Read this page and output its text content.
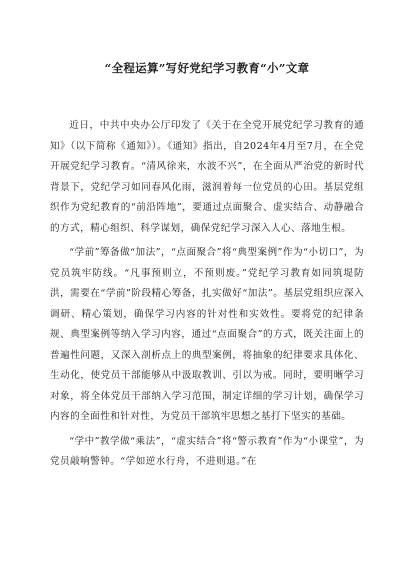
“全程运算”写好党纪学习教育“小”文章

近日，中共中央办公厅印发了《关于在全党开展党纪学习教育的通知》（以下简称《通知》）。《通知》指出，自2024年4月至7月，在全党开展党纪学习教育。“清风徐来，水波不兴”，在全面从严治党的新时代背景下，党纪学习如同春风化雨，滋润着每一位党员的心田。基层党组织作为党纪教育的“前沿阵地”，要通过点面聚合、虚实结合、动静融合的方式，精心组织、科学谋划，确保党纪学习深入人心、落地生根。

“学前”筹备做“加法”，“点面聚合”将“典型案例”作为“小切口”，为党员筑牢防线。“凡事预则立，不预则废。”党纪学习教育如同筑堤防洪，需要在“学前”阶段精心筹备，扎实做好“加法”。基层党组织应深入调研、精心策划，确保学习内容的针对性和实效性。要将党的纪律条规、典型案例等纳入学习内容，通过“点面聚合”的方式，既关注面上的普遍性问题，又深入剖析点上的典型案例，将抽象的纪律要求具体化、生动化，使党员干部能够从中汲取教训、引以为戒。同时，要明晰学习对象，将全体党员干部纳入学习范围，制定详细的学习计划，确保学习内容的全面性和针对性，为党员干部筑牢思想之基打下坚实的基础。

“学中”教学做“乘法”，“虚实结合”将“警示教育”作为“小课堂”，为党员敲响警钟。“学如逆水行舟，不进则退。”在
